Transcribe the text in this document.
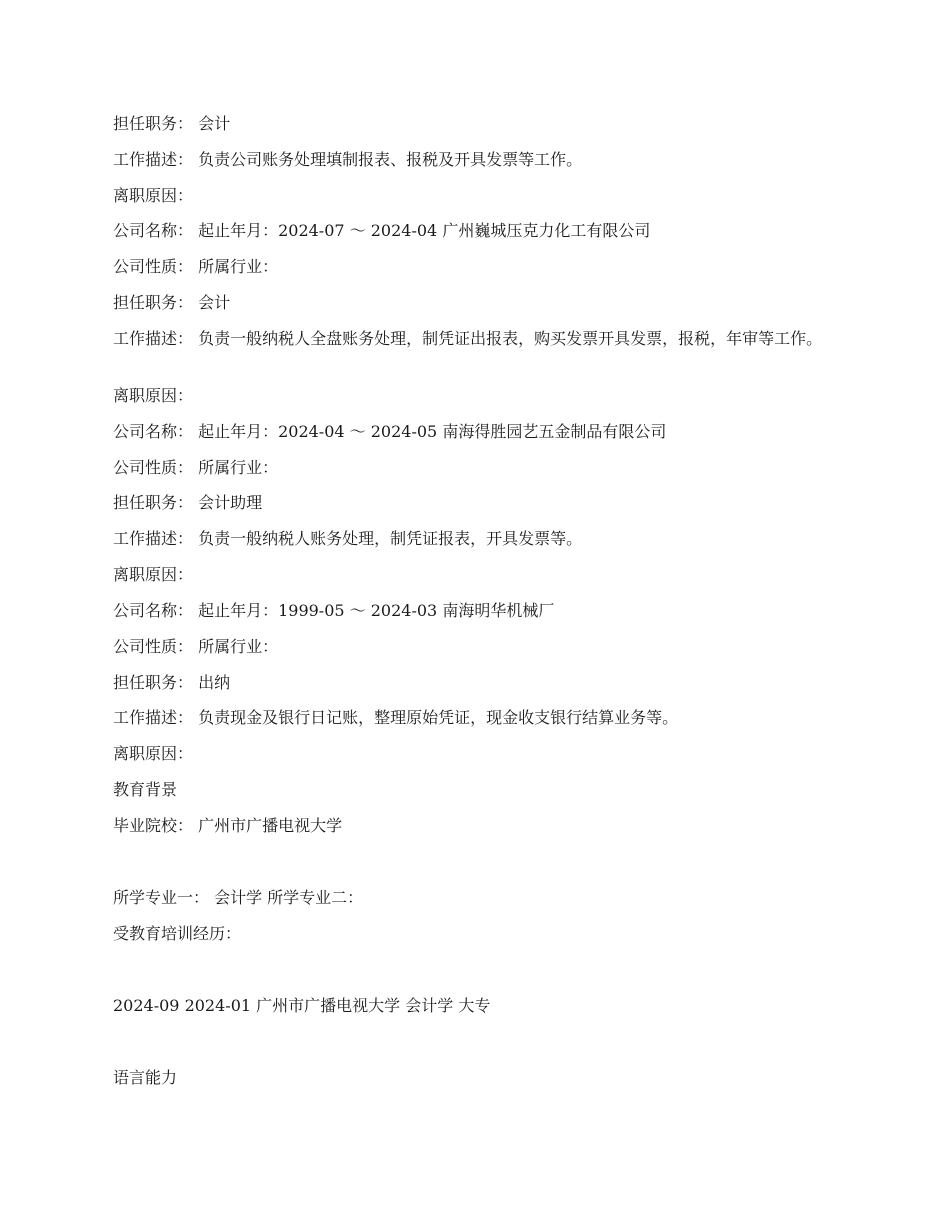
担任职务： 会计
工作描述： 负责公司账务处理填制报表、报税及开具发票等工作。
离职原因：
公司名称： 起止年月：2024-07 ～ 2024-04 广州巍城压克力化工有限公司
公司性质： 所属行业：
担任职务： 会计
工作描述： 负责一般纳税人全盘账务处理，制凭证出报表，购买发票开具发票，报税，年审等工作。
离职原因：
公司名称： 起止年月：2024-04 ～ 2024-05 南海得胜园艺五金制品有限公司
公司性质： 所属行业：
担任职务： 会计助理
工作描述： 负责一般纳税人账务处理，制凭证报表，开具发票等。
离职原因：
公司名称： 起止年月：1999-05 ～ 2024-03 南海明华机械厂
公司性质： 所属行业：
担任职务： 出纳
工作描述： 负责现金及银行日记账，整理原始凭证，现金收支银行结算业务等。
离职原因：
教育背景
毕业院校： 广州市广播电视大学
所学专业一： 会计学 所学专业二：
受教育培训经历：
2024-09 2024-01 广州市广播电视大学 会计学 大专
语言能力
